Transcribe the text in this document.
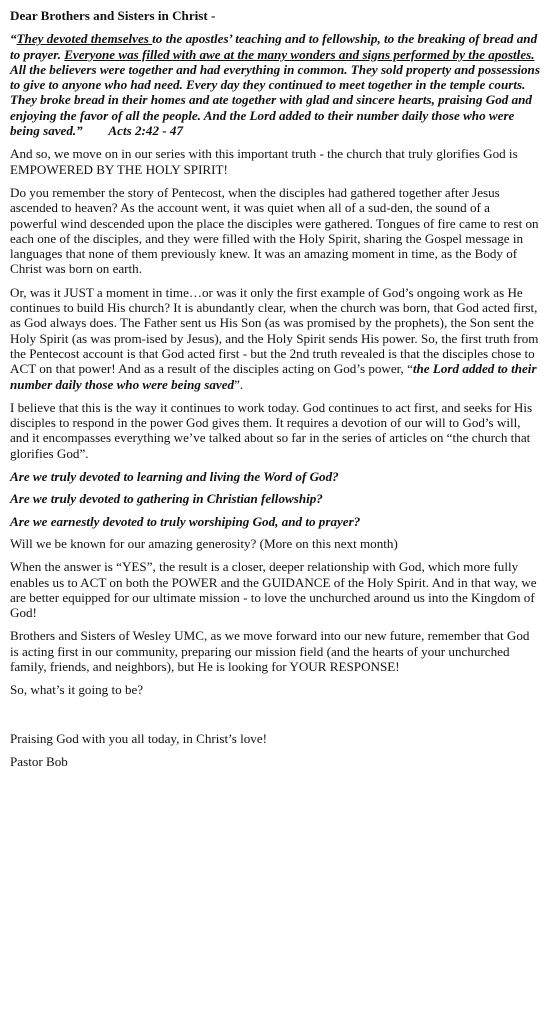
Dear Brothers and Sisters in Christ -

“They devoted themselves to the apostles’ teaching and to fellowship, to the breaking of bread and to prayer. Everyone was filled with awe at the many wonders and signs performed by the apostles. All the believers were together and had everything in common. They sold property and possessions to give to anyone who had need. Every day they continued to meet together in the temple courts. They broke bread in their homes and ate together with glad and sincere hearts, praising God and enjoying the favor of all the people. And the Lord added to their number daily those who were being saved.”        Acts 2:42 - 47

And so, we move on in our series with this important truth - the church that truly glorifies God is EMPOWERED BY THE HOLY SPIRIT!

Do you remember the story of Pentecost, when the disciples had gathered together after Jesus ascended to heaven? As the account went, it was quiet when all of a sud-den, the sound of a powerful wind descended upon the place the disciples were gathered. Tongues of fire came to rest on each one of the disciples, and they were filled with the Holy Spirit, sharing the Gospel message in languages that none of them previously knew. It was an amazing moment in time, as the Body of Christ was born on earth.

Or, was it JUST a moment in time…or was it only the first example of God’s ongoing work as He continues to build His church? It is abundantly clear, when the church was born, that God acted first, as God always does. The Father sent us His Son (as was promised by the prophets), the Son sent the Holy Spirit (as was prom-ised by Jesus), and the Holy Spirit sends His power. So, the first truth from the Pentecost account is that God acted first - but the 2nd truth revealed is that the disciples chose to ACT on that power! And as a result of the disciples acting on God’s power, “the Lord added to their number daily those who were being saved”.

I believe that this is the way it continues to work today. God continues to act first, and seeks for His disciples to respond in the power God gives them. It requires a devotion of our will to God’s will, and it encompasses everything we’ve talked about so far in the series of articles on “the church that glorifies God”.

Are we truly devoted to learning and living the Word of God?

Are we truly devoted to gathering in Christian fellowship?

Are we earnestly devoted to truly worshiping God, and to prayer?

Will we be known for our amazing generosity? (More on this next month)

When the answer is “YES”, the result is a closer, deeper relationship with God, which more fully enables us to ACT on both the POWER and the GUIDANCE of the Holy Spirit. And in that way, we are better equipped for our ultimate mission - to love the unchurched around us into the Kingdom of God!

Brothers and Sisters of Wesley UMC, as we move forward into our new future, remember that God is acting first in our community, preparing our mission field (and the hearts of your unchurched family, friends, and neighbors), but He is looking for YOUR RESPONSE!

So, what’s it going to be?

Praising God with you all today, in Christ’s love!

Pastor Bob
